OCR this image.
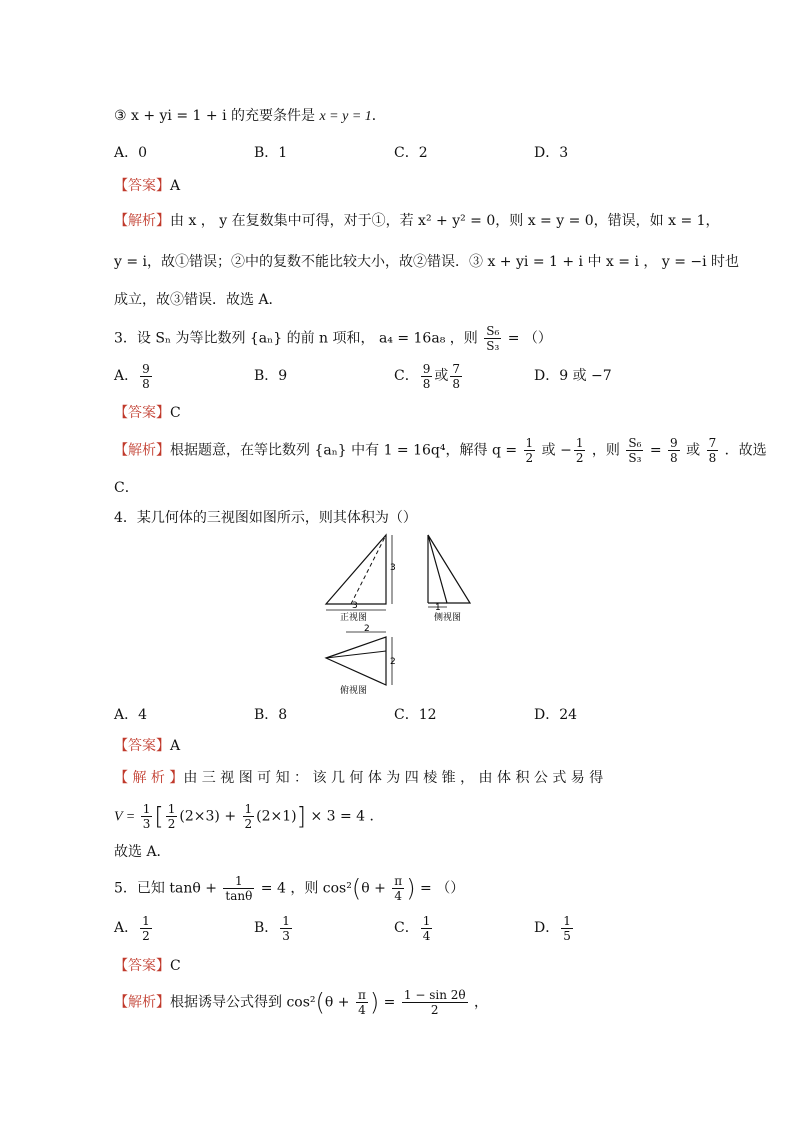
③ x + yi = 1 + i 的充要条件是 x = y = 1．
A．0	B．1	C．2	D．3
【答案】A
【解析】由 x ， y 在复数集中可得，对于①，若 x² + y² = 0，则 x = y = 0，错误，如 x = 1，
y = i，故①错误；②中的复数不能比较大小，故②错误．③ x + yi = 1 + i 中 x = i ， y = −i 时也
成立，故③错误．故选 A．
3．设 Sₙ 为等比数列 {aₙ} 的前 n 项和， a₄ = 16a₈ ，则 $\frac{\text{S₆}}{\text{S₃}}$ = （）
A． $\frac{9}{8}$	B．9	C． $\frac{9}{8}$ 或 $\frac{7}{8}$	D．9 或 −7
【答案】C
【解析】根据题意，在等比数列 {aₙ} 中有 1 = 16q⁴，解得 $q = \frac{1}{2}$ 或 − $\frac{1}{2}$ ，则 $\frac{\text{S₆}}{\text{S₃}} = \frac{9}{8}$ 或 $\frac{7}{8}$ ．故选
C．
4．某几何体的三视图如图所示，则其体积为（）
3
3
正视图
1
侧视图
2
2
俯视图
A．4	B．8	C．12	D．24
【答案】A
【 解 析 】由 三 视 图 可 知 ： 该 几 何 体 为 四 棱 锥 ， 由 体 积 公 式 易 得
$V = \frac{1}{3}$ [ $\frac{1}{2} (2\times 3) + \frac{1}{2} (2\times 1)] \times 3 = 4$ ．
故选 A．
5．已知 $\tan\theta + \frac{1}{\tan\theta} = 4$ ，则 $\cos^2(\theta + \frac{\pi}{4}$ ) = （）
A． $\frac{1}{2}$	B． $\frac{1}{3}$	C． $\frac{1}{4}$	D． $\frac{1}{5}$
【答案】C
【解析】根据诱导公式得到 $\cos^2(\theta + \frac{\pi}{4}$ ) = $\frac{1 - \sin 2\theta}{2}$ ，
